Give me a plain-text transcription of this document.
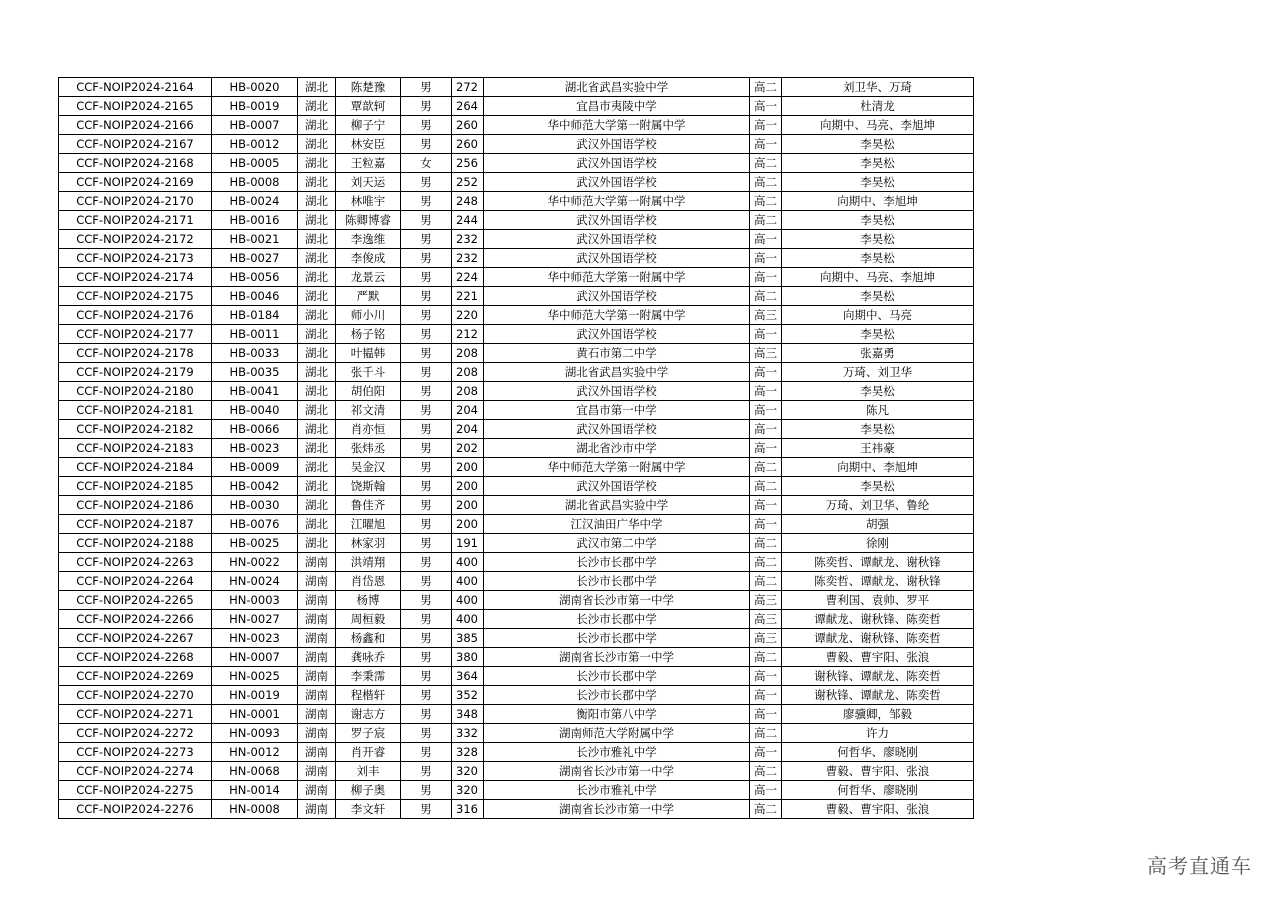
CCF-NOIP2024-2164	HB-0020	湖北	陈楚豫	男	272	湖北省武昌实验中学	高二	刘卫华、万琦
CCF-NOIP2024-2165	HB-0019	湖北	覃歆轲	男	264	宜昌市夷陵中学	高一	杜清龙
CCF-NOIP2024-2166	HB-0007	湖北	柳子宁	男	260	华中师范大学第一附属中学	高一	向期中、马亮、李旭坤
CCF-NOIP2024-2167	HB-0012	湖北	林安臣	男	260	武汉外国语学校	高一	李昊松
CCF-NOIP2024-2168	HB-0005	湖北	王粒嘉	女	256	武汉外国语学校	高二	李昊松
CCF-NOIP2024-2169	HB-0008	湖北	刘天运	男	252	武汉外国语学校	高二	李昊松
CCF-NOIP2024-2170	HB-0024	湖北	林唯宇	男	248	华中师范大学第一附属中学	高二	向期中、李旭坤
CCF-NOIP2024-2171	HB-0016	湖北	陈卿博睿	男	244	武汉外国语学校	高二	李昊松
CCF-NOIP2024-2172	HB-0021	湖北	李逸维	男	232	武汉外国语学校	高一	李昊松
CCF-NOIP2024-2173	HB-0027	湖北	李俊成	男	232	武汉外国语学校	高一	李昊松
CCF-NOIP2024-2174	HB-0056	湖北	龙景云	男	224	华中师范大学第一附属中学	高一	向期中、马亮、李旭坤
CCF-NOIP2024-2175	HB-0046	湖北	严默	男	221	武汉外国语学校	高二	李昊松
CCF-NOIP2024-2176	HB-0184	湖北	师小川	男	220	华中师范大学第一附属中学	高三	向期中、马亮
CCF-NOIP2024-2177	HB-0011	湖北	杨子铭	男	212	武汉外国语学校	高一	李昊松
CCF-NOIP2024-2178	HB-0033	湖北	叶韫韩	男	208	黄石市第二中学	高三	张嘉勇
CCF-NOIP2024-2179	HB-0035	湖北	张千斗	男	208	湖北省武昌实验中学	高一	万琦、刘卫华
CCF-NOIP2024-2180	HB-0041	湖北	胡伯阳	男	208	武汉外国语学校	高一	李昊松
CCF-NOIP2024-2181	HB-0040	湖北	祁文清	男	204	宜昌市第一中学	高一	陈凡
CCF-NOIP2024-2182	HB-0066	湖北	肖亦恒	男	204	武汉外国语学校	高一	李昊松
CCF-NOIP2024-2183	HB-0023	湖北	张炜丞	男	202	湖北省沙市中学	高一	王祎豪
CCF-NOIP2024-2184	HB-0009	湖北	吴金汉	男	200	华中师范大学第一附属中学	高二	向期中、李旭坤
CCF-NOIP2024-2185	HB-0042	湖北	饶斯翰	男	200	武汉外国语学校	高二	李昊松
CCF-NOIP2024-2186	HB-0030	湖北	鲁佳齐	男	200	湖北省武昌实验中学	高一	万琦、刘卫华、鲁纶
CCF-NOIP2024-2187	HB-0076	湖北	江曜旭	男	200	江汉油田广华中学	高一	胡强
CCF-NOIP2024-2188	HB-0025	湖北	林家羽	男	191	武汉市第二中学	高二	徐刚
CCF-NOIP2024-2263	HN-0022	湖南	洪靖翔	男	400	长沙市长郡中学	高二	陈奕哲、谭献龙、谢秋锋
CCF-NOIP2024-2264	HN-0024	湖南	肖岱恩	男	400	长沙市长郡中学	高二	陈奕哲、谭献龙、谢秋锋
CCF-NOIP2024-2265	HN-0003	湖南	杨博	男	400	湖南省长沙市第一中学	高三	曹利国、袁帅、罗平
CCF-NOIP2024-2266	HN-0027	湖南	周桓毅	男	400	长沙市长郡中学	高三	谭献龙、谢秋锋、陈奕哲
CCF-NOIP2024-2267	HN-0023	湖南	杨鑫和	男	385	长沙市长郡中学	高三	谭献龙、谢秋锋、陈奕哲
CCF-NOIP2024-2268	HN-0007	湖南	龚咏乔	男	380	湖南省长沙市第一中学	高二	曹毅、曹宇阳、张浪
CCF-NOIP2024-2269	HN-0025	湖南	李秉霈	男	364	长沙市长郡中学	高一	谢秋锋、谭献龙、陈奕哲
CCF-NOIP2024-2270	HN-0019	湖南	程楷轩	男	352	长沙市长郡中学	高一	谢秋锋、谭献龙、陈奕哲
CCF-NOIP2024-2271	HN-0001	湖南	谢志方	男	348	衡阳市第八中学	高一	廖骥卿，邹毅
CCF-NOIP2024-2272	HN-0093	湖南	罗子宸	男	332	湖南师范大学附属中学	高二	许力
CCF-NOIP2024-2273	HN-0012	湖南	肖开睿	男	328	长沙市雅礼中学	高一	何哲华、廖晓刚
CCF-NOIP2024-2274	HN-0068	湖南	刘丰	男	320	湖南省长沙市第一中学	高二	曹毅、曹宇阳、张浪
CCF-NOIP2024-2275	HN-0014	湖南	柳子奥	男	320	长沙市雅礼中学	高一	何哲华、廖晓刚
CCF-NOIP2024-2276	HN-0008	湖南	李文轩	男	316	湖南省长沙市第一中学	高二	曹毅、曹宇阳、张浪
高考直通车
